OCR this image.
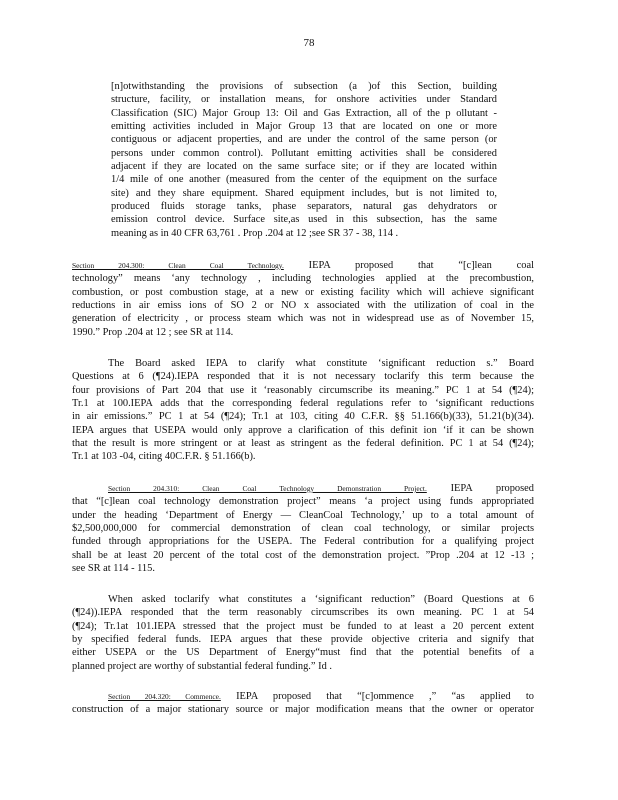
78
[n]otwithstanding the provisions of subsection (a )of this Section, building
structure, facility, or installation means, for onshore activities under Standard
Classification (SIC) Major Group 13: Oil and Gas Extraction, all of the p ollutant -
emitting activities included in Major Group 13 that are located on one or more
contiguous or adjacent properties, and are under the control of the same person (or
persons under common control). Pollutant emitting activities shall be considered
adjacent if they are located on the same surface site; or if they are located within
1/4 mile of one another (measured from the center of the equipment on the surface
site) and they share equipment. Shared equipment includes, but is not limited to,
produced fluids storage tanks, phase separators, natural gas dehydrators or
emission control device. Surface site,as used in this subsection, has the same
meaning as in 40 CFR 63,761 . Prop .204 at 12 ;see SR 37 - 38, 114 .
Section 204.300: Clean Coal Technology. IEPA proposed that “[c]lean coal
technology” means ‘any technology , including technologies applied at the precombustion,
combustion, or post combustion stage, at a new or existing facility which will achieve significant
reductions in air emiss ions of SO 2 or NO x associated with the utilization of coal in the
generation of electricity , or process steam which was not in widespread use as of November 15,
1990.” Prop .204 at 12 ; see SR at 114.
The Board asked IEPA to clarify what constitute ‘significant reduction s.” Board
Questions at 6 (¶24).IEPA responded that it is not necessary toclarify this term because the
four provisions of Part 204 that use it ‘reasonably circumscribe its meaning.” PC 1 at 54 (¶24);
Tr.1 at 100.IEPA adds that the corresponding federal regulations refer to ‘significant reductions
in air emissions.” PC 1 at 54 (¶24); Tr.1 at 103, citing 40 C.F.R. §§ 51.166(b)(33), 51.21(b)(34).
IEPA argues that USEPA would only approve a clarification of this definit ion ‘if it can be shown
that the result is more stringent or at least as stringent as the federal definition. PC 1 at 54 (¶24);
Tr.1 at 103 -04, citing 40C.F.R. § 51.166(b).
Section 204.310: Clean Coal Technology Demonstration Project. IEPA proposed
that “[c]lean coal technology demonstration project” means ‘a project using funds appropriated
under the heading ‘Department of Energy — CleanCoal Technology,’ up to a total amount of
$2,500,000,000 for commercial demonstration of clean coal technology, or similar projects
funded through appropriations for the USEPA. The Federal contribution for a qualifying project
shall be at least 20 percent of the total cost of the demonstration project. ”Prop .204 at 12 -13 ;
see SR at 114 - 115.
When asked toclarify what constitutes a ‘significant reduction” (Board Questions at 6
(¶24)).IEPA responded that the term reasonably circumscribes its own meaning. PC 1 at 54
(¶24); Tr.1at 101.IEPA stressed that the project must be funded to at least a 20 percent extent
by specified federal funds. IEPA argues that these provide objective criteria and signify that
either USEPA or the US Department of Energy“must find that the potential benefits of a
planned project are worthy of substantial federal funding.” Id .
Section 204.320: Commence. IEPA proposed that “[c]ommence ,” “as applied to
construction of a major stationary source or major modification means that the owner or operator
